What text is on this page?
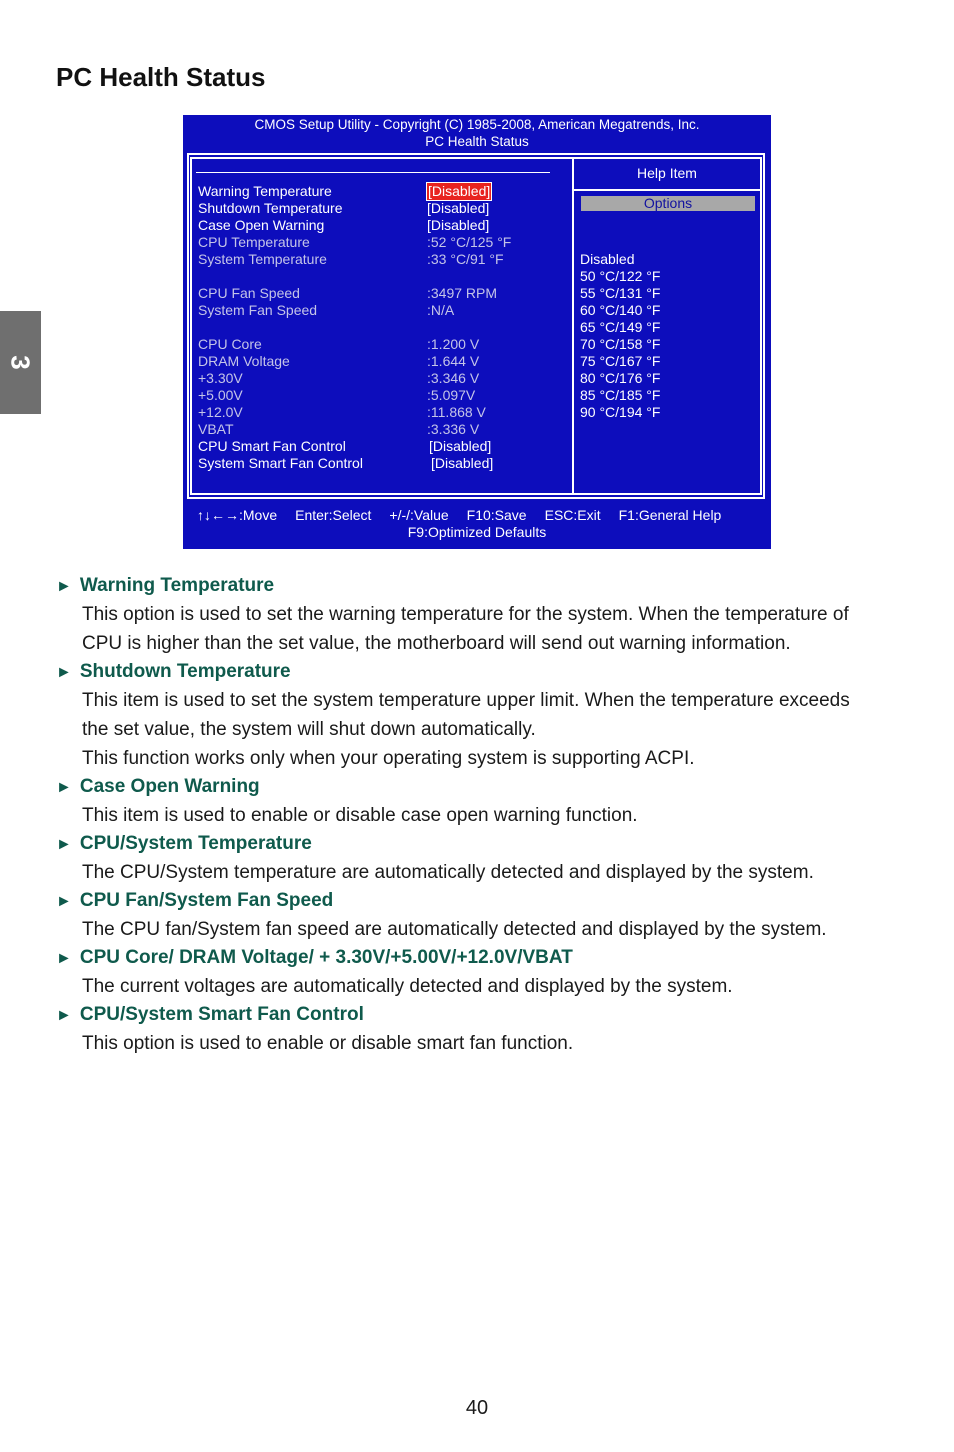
PC Health Status
3
CMOS Setup Utility - Copyright (C) 1985-2008, American Megatrends, Inc.
PC Health Status
Warning Temperature	[Disabled]
Shutdown Temperature	[Disabled]
Case Open Warning	[Disabled]
CPU Temperature	:52 °C/125 °F
System Temperature	:33 °C/91 °F
CPU Fan Speed	:3497 RPM
System Fan Speed	:N/A
CPU Core	:1.200 V
DRAM Voltage	:1.644 V
+3.30V	:3.346 V
+5.00V	:5.097V
+12.0V	:11.868 V
VBAT	:3.336 V
CPU Smart Fan Control	[Disabled]
System Smart Fan Control	[Disabled]
Help Item
Options
Disabled
50 °C/122 °F
55 °C/131 °F
60 °C/140 °F
65 °C/149 °F
70 °C/158 °F
75 °C/167 °F
80 °C/176 °F
85 °C/185 °F
90 °C/194 °F
↑↓←→:Move Enter:Select +/-/:Value F10:Save ESC:Exit F1:General Help
F9:Optimized Defaults
► Warning Temperature
This option is used to set the warning temperature for the system. When the temperature of
CPU is higher than the set value, the motherboard will send out warning information.
► Shutdown Temperature
This item is used to set the system temperature upper limit. When the temperature exceeds
the set value, the system will shut down automatically.
This function works only when your operating system is supporting ACPI.
► Case Open Warning
This item is used to enable or disable case open warning function.
► CPU/System Temperature
The CPU/System temperature are automatically detected and displayed by the system.
► CPU Fan/System Fan Speed
The CPU fan/System fan speed are automatically detected and displayed by the system.
► CPU Core/ DRAM Voltage/ + 3.30V/+5.00V/+12.0V/VBAT
The current voltages are automatically detected and displayed by the system.
► CPU/System Smart Fan Control
This option is used to enable or disable smart fan function.
40
